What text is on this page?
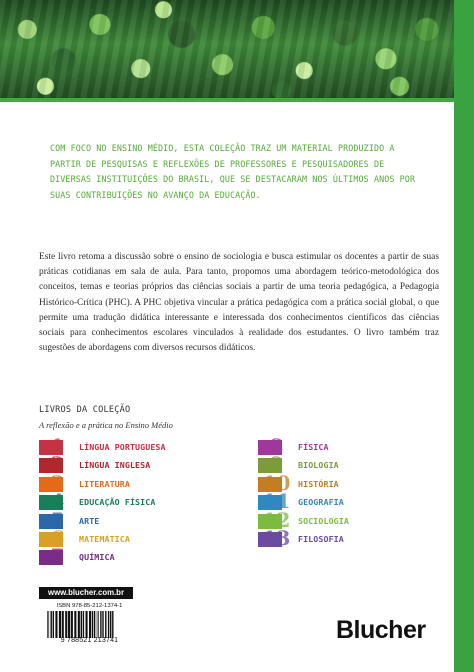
COM FOCO NO ENSINO MÉDIO, ESTA COLEÇÃO TRAZ UM MATERIAL PRODUZIDO A PARTIR DE PESQUISAS E REFLEXÕES DE PROFESSORES E PESQUISADORES DE DIVERSAS INSTITUIÇÕES DO BRASIL, QUE SE DESTACARAM NOS ÚLTIMOS ANOS POR SUAS CONTRIBUIÇÕES NO AVANÇO DA EDUCAÇÃO.
Este livro retoma a discussão sobre o ensino de sociologia e busca estimular os docentes a partir de suas práticas cotidianas em sala de aula. Para tanto, propomos uma abordagem teórico-metodológica dos conceitos, temas e teorias próprios das ciências sociais a partir de uma teoria pedagógica, a Pedagogia Histórico-Crítica (PHC). A PHC objetiva vincular a prática pedagógica com a prática social global, o que permite uma tradução didática interessante e interessada dos conhecimentos científicos das ciências sociais para conhecimentos escolares vinculados à realidade dos estudantes. O livro também traz sugestões de abordagens com diversos recursos didáticos.
LIVROS DA COLEÇÃO
A reflexão e a prática no Ensino Médio
1	LÍNGUA PORTUGUESA
2	LÍNGUA INGLESA
3	LITERATURA
4	EDUCAÇÃO FÍSICA
5	ARTE
6	MATEMÁTICA
7	QUÍMICA
8	FÍSICA
9	BIOLOGIA
10 HISTÓRIA
11 GEOGRAFIA
12 SOCIOLOGIA
13 FILOSOFIA
www.blucher.com.br
ISBN 978-85-212-1374-1
9 788521 213741	Blucher
